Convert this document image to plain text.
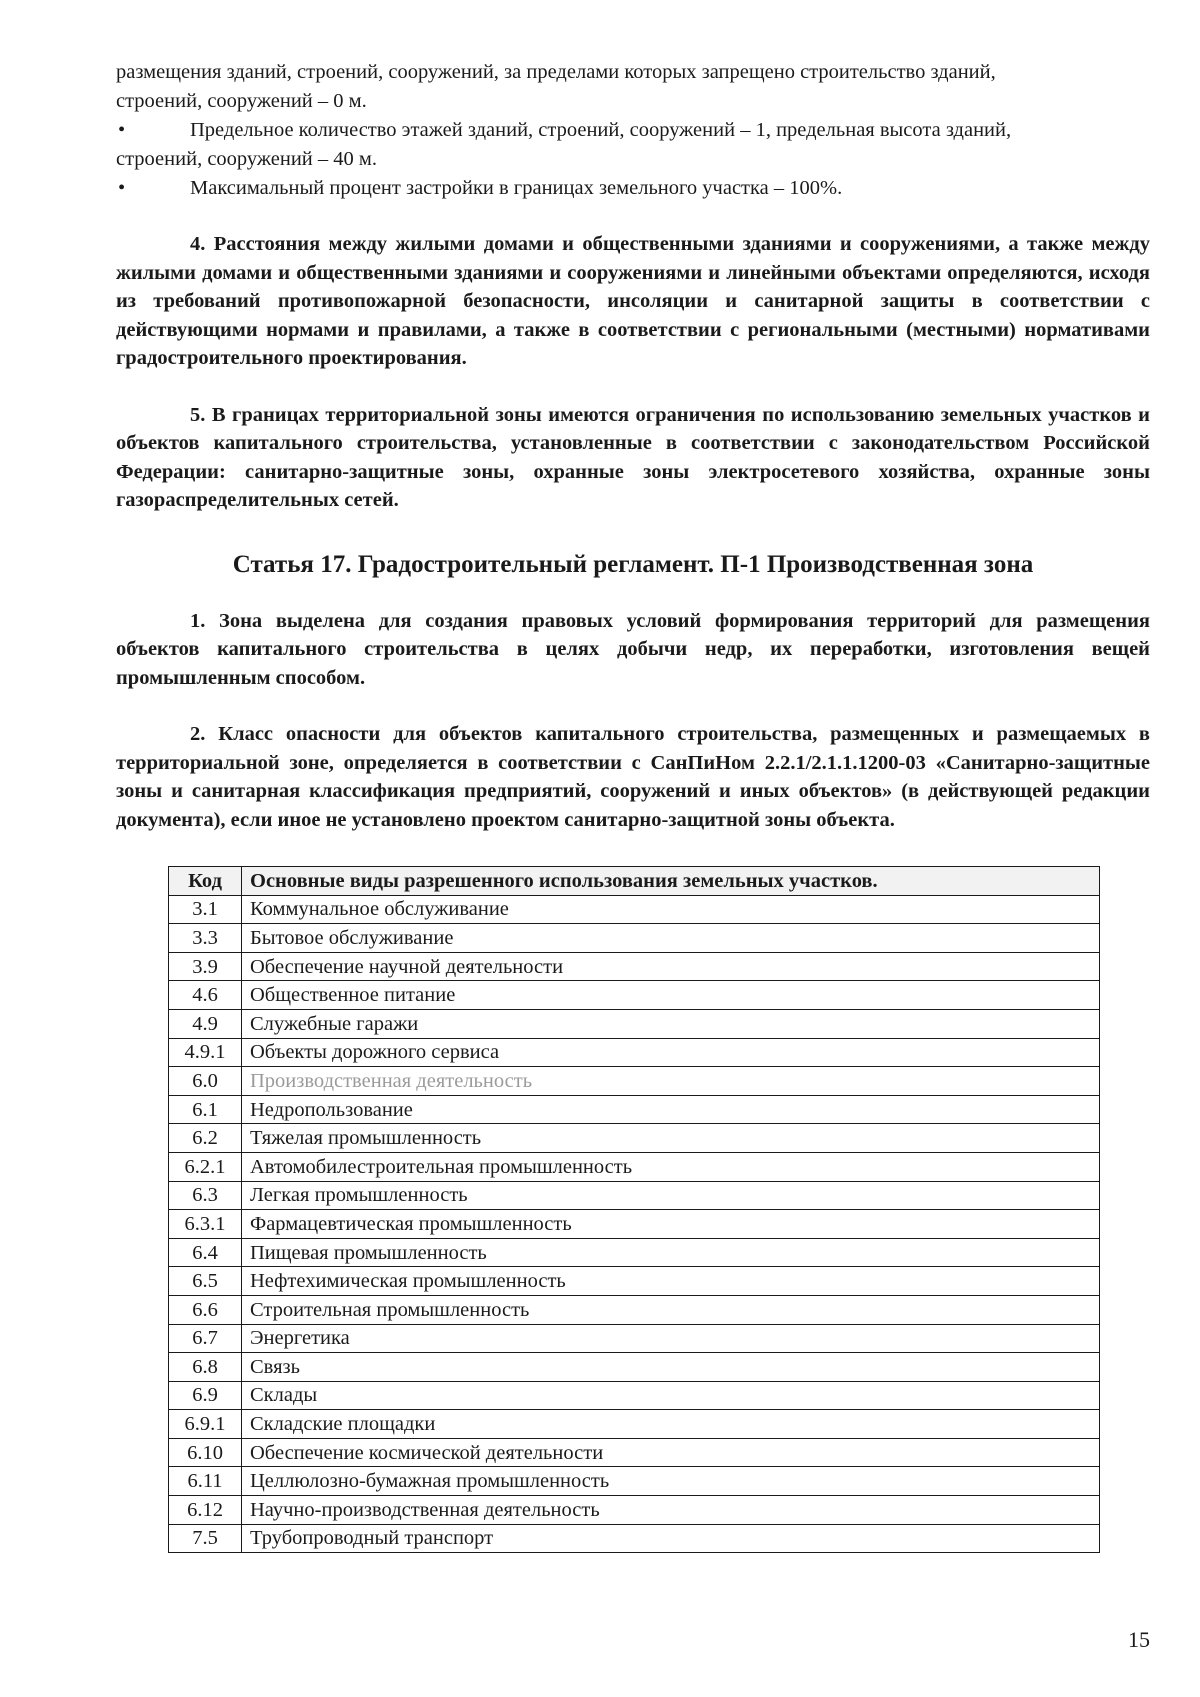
размещения зданий, строений, сооружений, за пределами которых запрещено строительство зданий,

строений, сооружений – 0 м.

•	Предельное количество этажей зданий, строений, сооружений – 1, предельная высота зданий,
строений, сооружений – 40 м.

•	Максимальный процент застройки в границах земельного участка – 100%.

4. Расстояния между жилыми домами и общественными зданиями и сооружениями, а также между жилыми домами и общественными зданиями и сооружениями и линейными объектами определяются, исходя из требований противопожарной безопасности, инсоляции и санитарной защиты в соответствии с действующими нормами и правилами, а также в соответствии с региональными (местными) нормативами градостроительного проектирования.

5. В границах территориальной зоны имеются ограничения по использованию земельных участков и объектов капитального строительства, установленные в соответствии с законодательством Российской Федерации: санитарно-защитные зоны, охранные зоны электросетевого хозяйства, охранные зоны газораспределительных сетей.

Статья 17. Градостроительный регламент. П-1 Производственная зона

1. Зона выделена для создания правовых условий формирования территорий для размещения объектов капитального строительства в целях добычи недр, их переработки, изготовления вещей промышленным способом.

2. Класс опасности для объектов капитального строительства, размещенных и размещаемых в территориальной зоне, определяется в соответствии с СанПиНом 2.2.1/2.1.1.1200-03 «Санитарно-защитные зоны и санитарная классификация предприятий, сооружений и иных объектов» (в действующей редакции документа), если иное не установлено проектом санитарно-защитной зоны объекта.

Код	Основные виды разрешенного использования земельных участков.
3.1	Коммунальное обслуживание
3.3	Бытовое обслуживание
3.9	Обеспечение научной деятельности
4.6	Общественное питание
4.9	Служебные гаражи
4.9.1	Объекты дорожного сервиса
6.0	Производственная деятельность
6.1	Недропользование
6.2	Тяжелая промышленность
6.2.1	Автомобилестроительная промышленность
6.3	Легкая промышленность
6.3.1	Фармацевтическая промышленность
6.4	Пищевая промышленность
6.5	Нефтехимическая промышленность
6.6	Строительная промышленность
6.7	Энергетика
6.8	Связь
6.9	Склады
6.9.1	Складские площадки
6.10	Обеспечение космической деятельности
6.11	Целлюлозно-бумажная промышленность
6.12	Научно-производственная деятельность
7.5	Трубопроводный транспорт
15
